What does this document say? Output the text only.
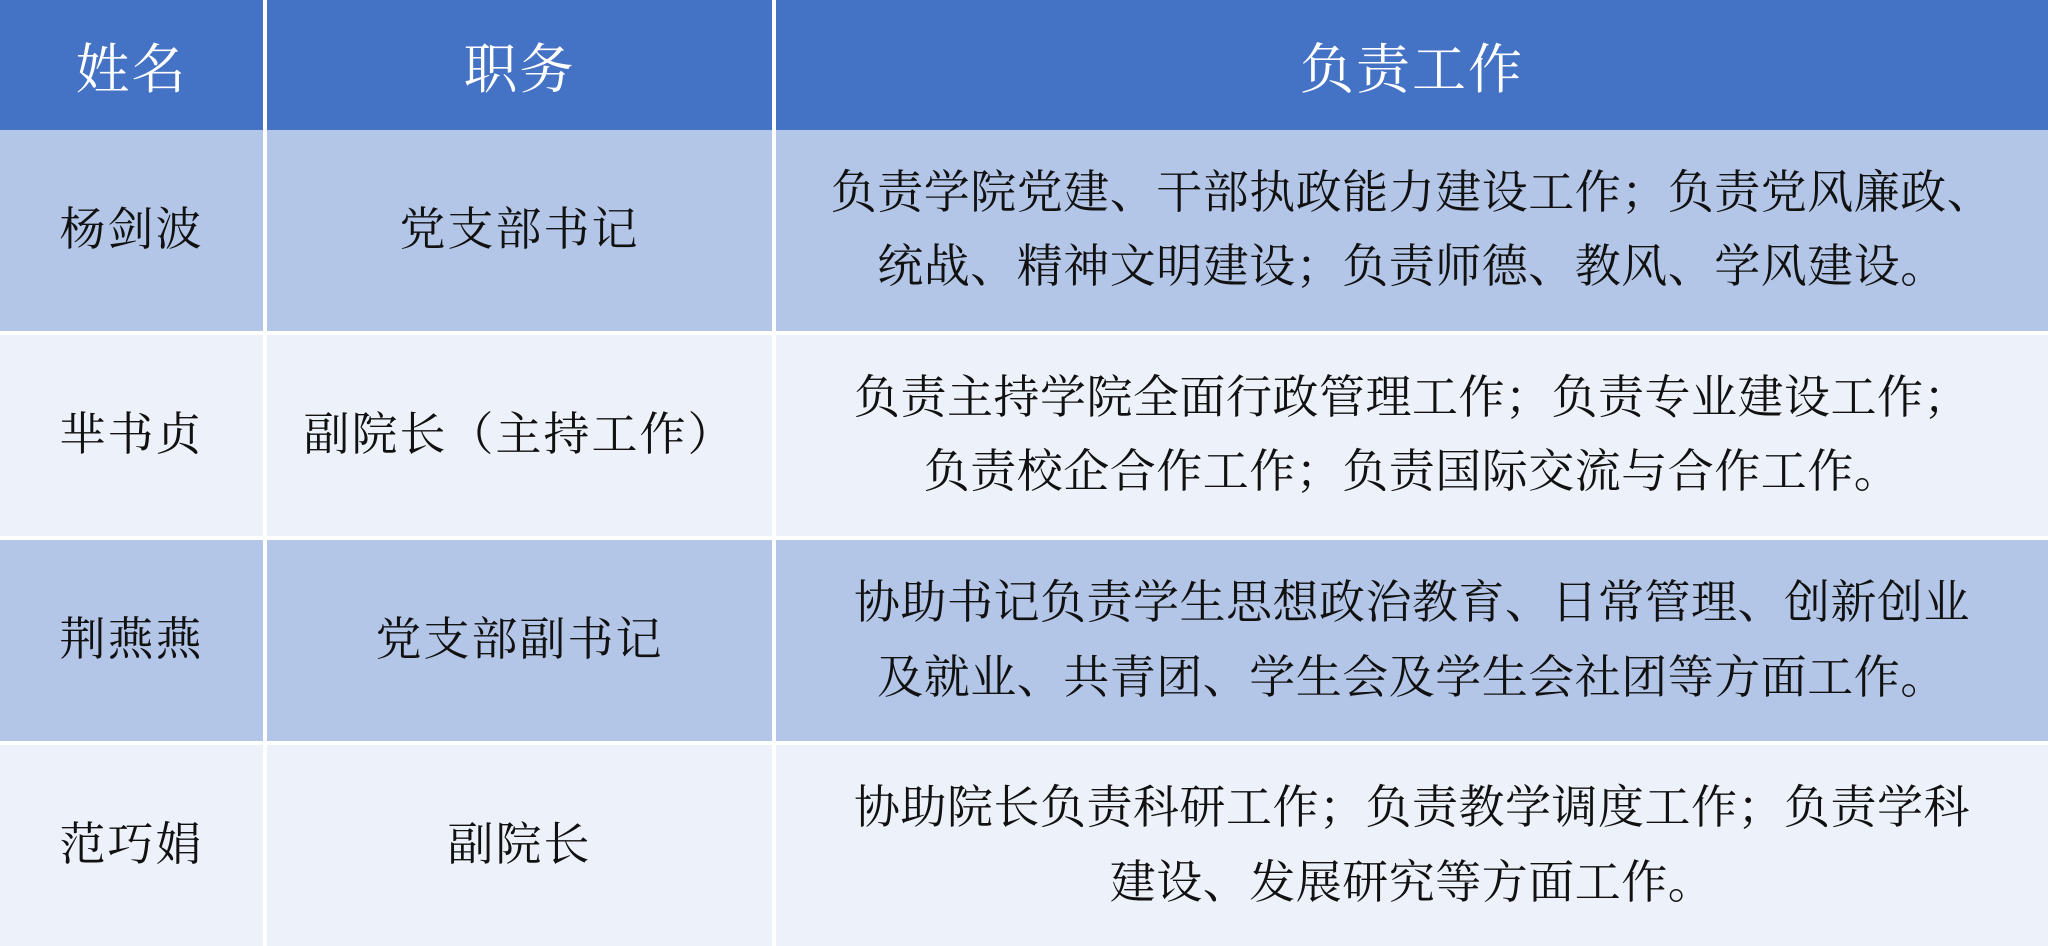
姓名	职务	负责工作
杨剑波	党支部书记	负责学院党建、干部执政能力建设工作；负责党风廉政、
统战、精神文明建设；负责师德、教风、学风建设。

芈书贞	副院长（主持工作）	负责主持学院全面行政管理工作；负责专业建设工作；
负责校企合作工作；负责国际交流与合作工作。

荆燕燕	党支部副书记	协助书记负责学生思想政治教育、日常管理、创新创业
及就业、共青团、学生会及学生会社团等方面工作。

范巧娟	副院长	协助院长负责科研工作；负责教学调度工作；负责学科
建设、发展研究等方面工作。
